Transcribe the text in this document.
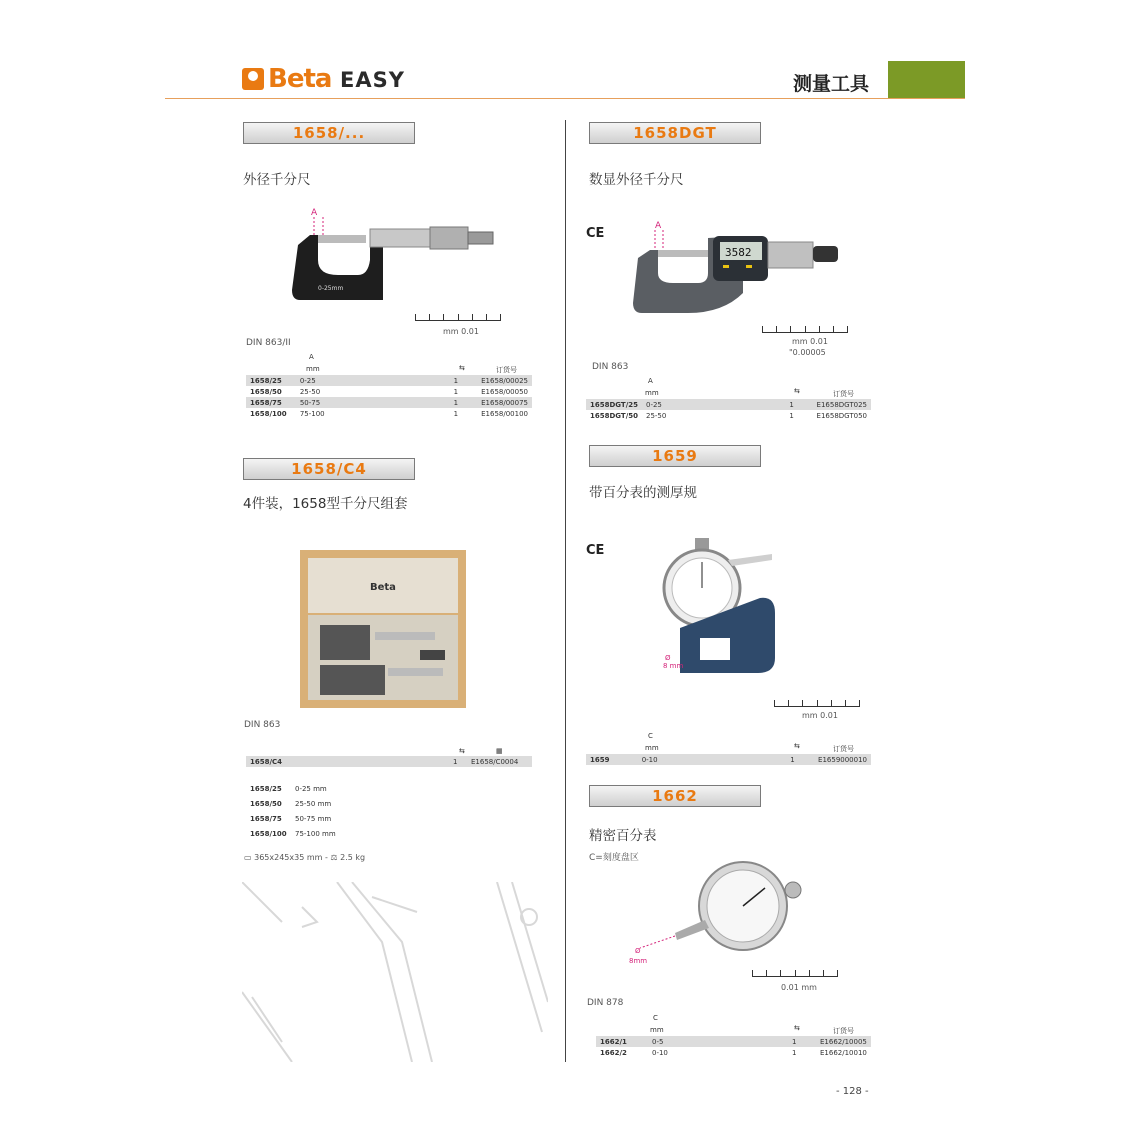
Beta EASY	测量工具
1658/...
外径千分尺
A
0-25mm
mm 0.01
DIN 863/II
A
mm	⇆	订货号
1658/25	0-25	1	E1658/00025
1658/50	25-50	1	E1658/00050
1658/75	50-75	1	E1658/00075
1658/100	75-100	1	E1658/00100
1658DGT
数显外径千分尺
CE	A
3582
mm 0.01
"0.00005
DIN 863
A
mm	⇆	订货号
1658DGT/25	0-25	1	E1658DGT025
1658DGT/50	25-50	1	E1658DGT050
1658/C4
4件装，1658型千分尺组套
Beta
DIN 863
⇆	▦
1658/C4	1	E1658/C0004
1658/25	0-25 mm
1658/50	25-50 mm
1658/75	50-75 mm
1658/100	75-100 mm
▭ 365x245x35 mm - ⚖ 2.5 kg
1659
带百分表的测厚规
CE
Ø
8 mm
mm 0.01
C
mm	⇆	订货号
1659	0-10	1	E1659000010
1662
精密百分表
C=刻度盘区
Ø
8mm
0.01 mm
DIN 878
C
mm	⇆	订货号
1662/1	0-5	1	E1662/10005
1662/2	0-10	1	E1662/10010
- 128 -
